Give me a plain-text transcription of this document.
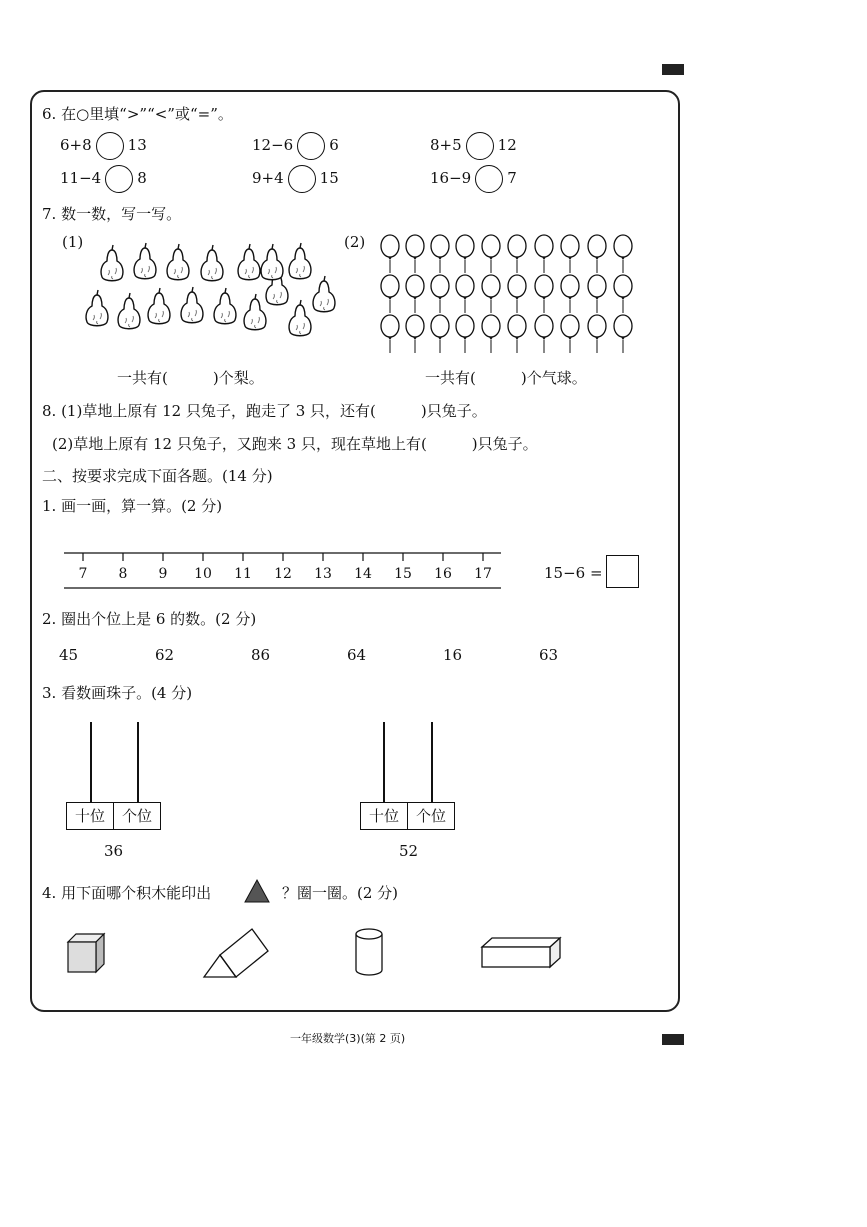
6. 在○里填“>”“<”或“=”。
6+8 13	12−6 6	8+5 12
11−4 8	9+4 15	16−9 7
7. 数一数，写一写。
(1)	(2)
一共有(　　　)个梨。	一共有(　　　)个气球。
8. (1)草地上原有 12 只兔子，跑走了 3 只，还有(　　　)只兔子。
(2)草地上原有 12 只兔子，又跑来 3 只，现在草地上有(　　　)只兔子。
二、按要求完成下面各题。(14 分)
1. 画一画，算一算。(2 分)
7	8	9	10	11	12	13	14	15	16	17	15−6 =
2. 圈出个位上是 6 的数。(2 分)
45	62	86	64	16	63
3. 看数画珠子。(4 分)
十位	个位
36
十位	个位
52
4. 用下面哪个积木能印出	？圈一圈。(2 分)
一年级数学(3)(第 2 页)
